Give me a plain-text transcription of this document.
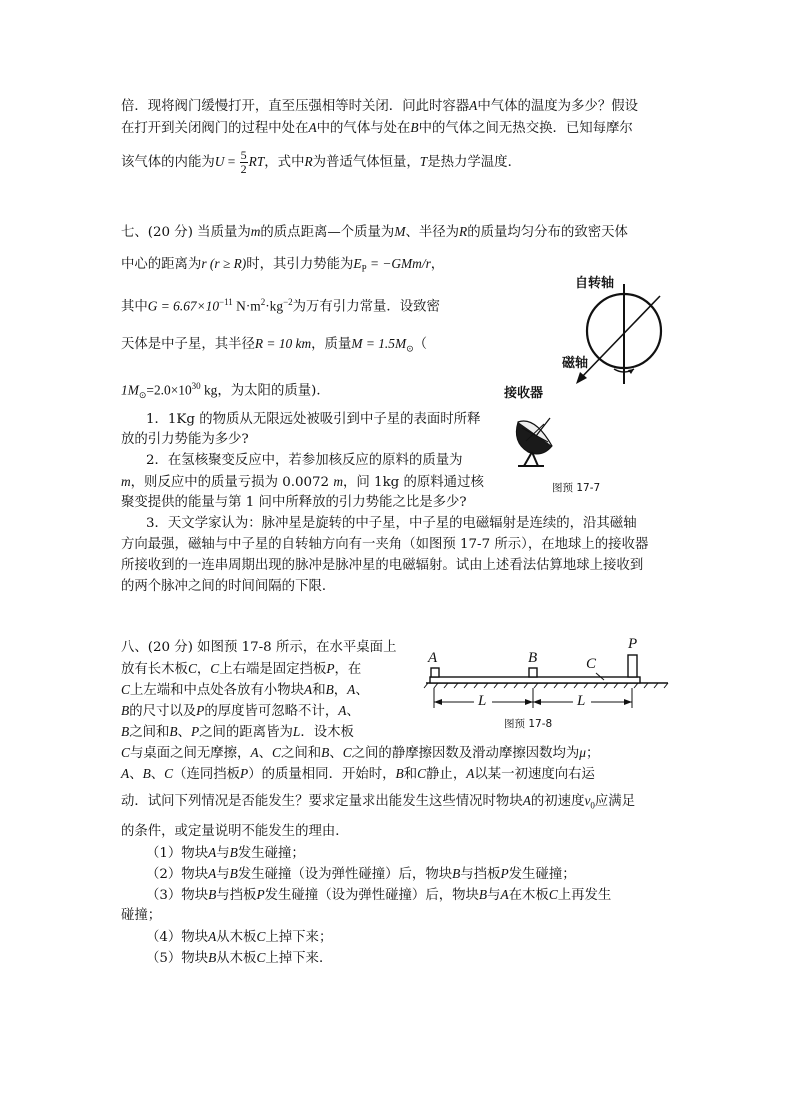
倍．现将阀门缓慢打开，直至压强相等时关闭．问此时容器A中气体的温度为多少？假设
在打开到关闭阀门的过程中处在A中的气体与处在B中的气体之间无热交换．已知每摩尔
该气体的内能为$U = \frac{5}{2}$ RT，式中R为普适气体恒量，T是热力学温度．
七、(20 分) 当质量为m的质点距离—个质量为M、半径为R的质量均匀分布的致密天体
中心的距离为r (r ≥ R)时，其引力势能为$E_P = -GMm/r$，
其中$G = 6.67\times 10^{-11}$ $N\cdot m^2\cdot kg^{-2}$为万有引力常量．设致密
天体是中子星，其半径R = 10 km，质量$M = 1.5M_⊙$（
$1M_⊙=2.0\times 10^{30}$ kg，为太阳的质量)．
1．1Kg 的物质从无限远处被吸引到中子星的表面时所释
放的引力势能为多少?
2．在氢核聚变反应中，若参加核反应的原料的质量为
m，则反应中的质量亏损为 0.0072 m，问 1kg 的原料通过核
聚变提供的能量与第 1 问中所释放的引力势能之比是多少?
3．天文学家认为：脉冲星是旋转的中子星，中子星的电磁辐射是连续的，沿其磁轴
方向最强，磁轴与中子星的自转轴方向有一夹角（如图预 17-7 所示），在地球上的接收器
所接收到的一连串周期出现的脉冲是脉冲星的电磁辐射。试由上述看法估算地球上接收到
的两个脉冲之间的时间间隔的下限．
自转轴
磁轴
接收器
图预 17-7
八、(20 分) 如图预 17-8 所示，在水平桌面上
放有长木板C，C上右端是固定挡板P，在
C上左端和中点处各放有小物块A和B，A、
B的尺寸以及P的厚度皆可忽略不计，A、
B之间和B、P之间的距离皆为L．设木板
C与桌面之间无摩擦，A、C之间和B、C之间的静摩擦因数及滑动摩擦因数均为μ；
A、B、C（连同挡板P）的质量相同．开始时，B和C静止，A以某一初速度向右运
动．试问下列情况是否能发生？要求定量求出能发生这些情况时物块A的初速度$v_0$应满足
的条件，或定量说明不能发生的理由．
（1）物块A与B发生碰撞；
（2）物块A与B发生碰撞（设为弹性碰撞）后，物块B与挡板P发生碰撞；
（3）物块B与挡板P发生碰撞（设为弹性碰撞）后，物块B与A在木板C上再发生
碰撞；
（4）物块A从木板C上掉下来；
（5）物块B从木板C上掉下来．
A	B	C
P
L	L
图预 17-8
